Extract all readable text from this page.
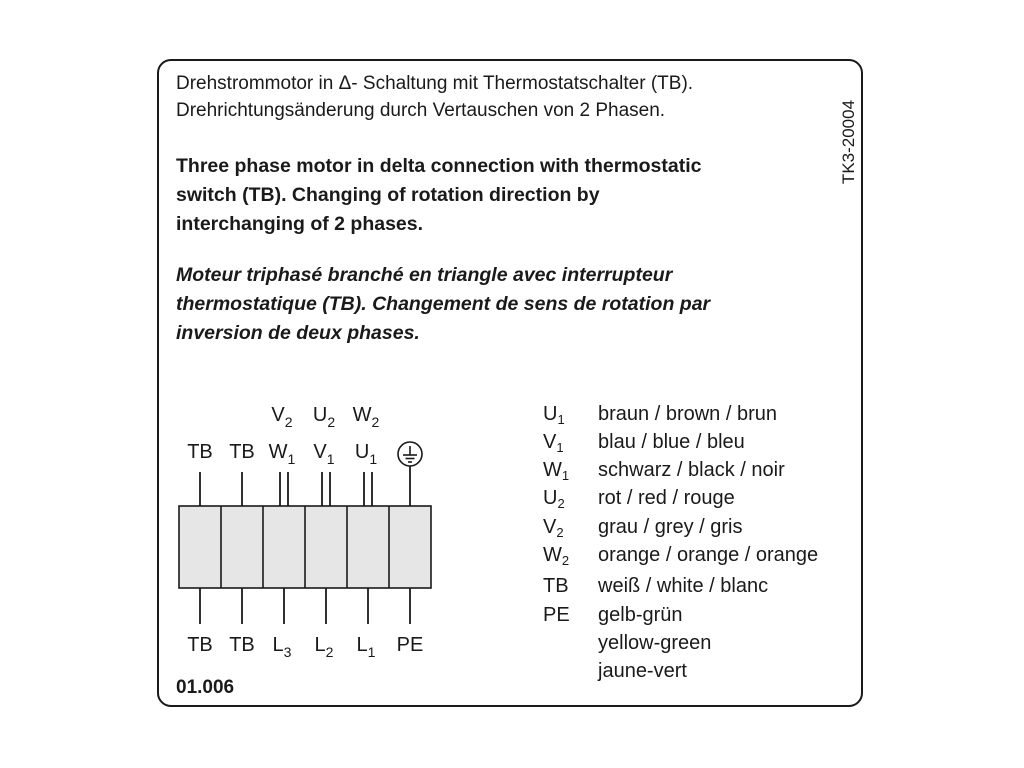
Drehstrommotor in Δ- Schaltung mit Thermostatschalter (TB).
Drehrichtungsänderung durch Vertauschen von 2 Phasen.
Three phase motor in delta connection with thermostatic
switch (TB). Changing of rotation direction by
interchanging of 2 phases.
Moteur triphasé branché en triangle avec interrupteur
thermostatique (TB). Changement de sens de rotation par
inversion de deux phases.
TK3-20004
$V_2$ $U_2$ $W_2$
TB TB $W_1$ $V_1$ $U_1$
TB TB $L_3$ $L_2$ $L_1$ PE
01.006
$U_1$ braun / brown / brun
$V_1$ blau / blue / bleu
$W_1$ schwarz / black / noir
$U_2$ rot / red / rouge
$V_2$ grau / grey / gris
$W_2$ orange / orange / orange
TB weiß / white / blanc
PE gelb-grün
yellow-green
jaune-vert
